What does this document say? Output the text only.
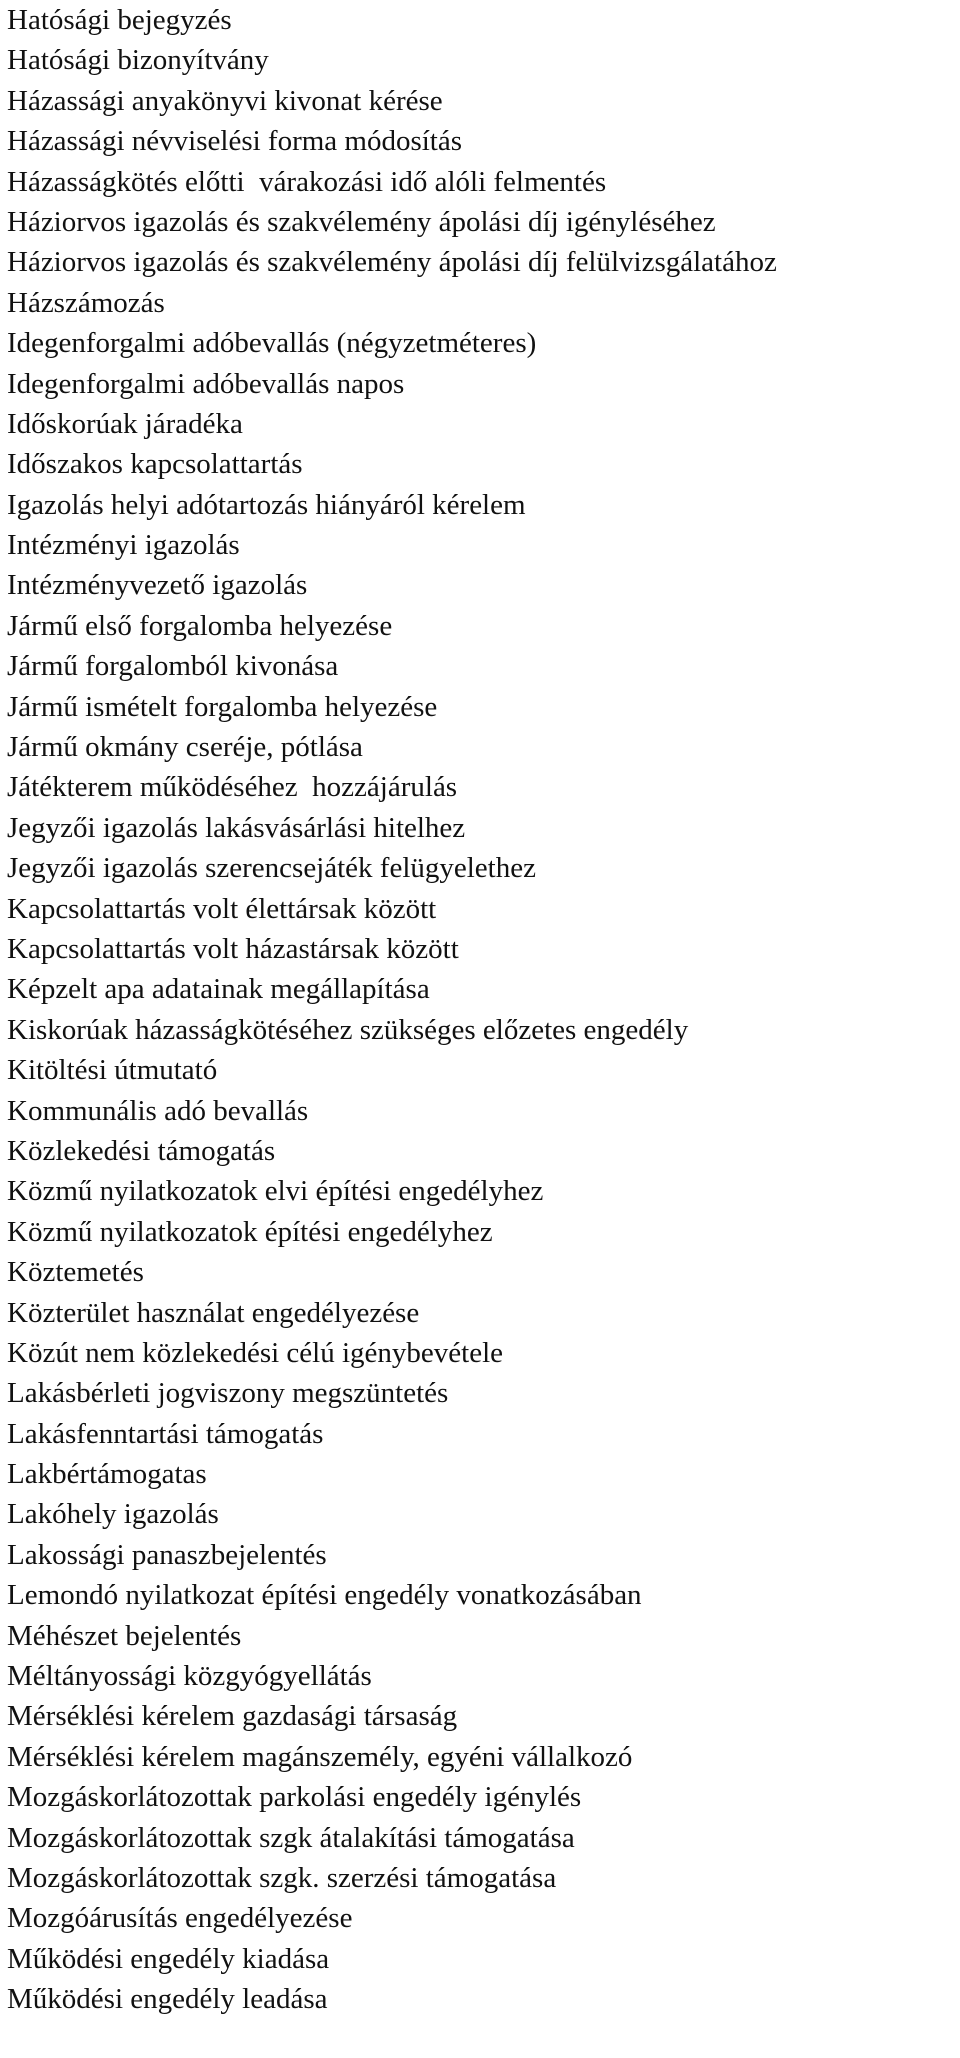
Hatósági bejegyzés
Hatósági bizonyítvány
Házassági anyakönyvi kivonat kérése
Házassági névviselési forma módosítás
Házasságkötés előtti  várakozási idő alóli felmentés
Háziorvos igazolás és szakvélemény ápolási díj igényléséhez
Háziorvos igazolás és szakvélemény ápolási díj felülvizsgálatához
Házszámozás
Idegenforgalmi adóbevallás (négyzetméteres)
Idegenforgalmi adóbevallás napos
Időskorúak járadéka
Időszakos kapcsolattartás
Igazolás helyi adótartozás hiányáról kérelem
Intézményi igazolás
Intézményvezető igazolás
Jármű első forgalomba helyezése
Jármű forgalomból kivonása
Jármű ismételt forgalomba helyezése
Jármű okmány cseréje, pótlása
Játékterem működéséhez  hozzájárulás
Jegyzői igazolás lakásvásárlási hitelhez
Jegyzői igazolás szerencsejáték felügyelethez
Kapcsolattartás volt élettársak között
Kapcsolattartás volt házastársak között
Képzelt apa adatainak megállapítása
Kiskorúak házasságkötéséhez szükséges előzetes engedély
Kitöltési útmutató
Kommunális adó bevallás
Közlekedési támogatás
Közmű nyilatkozatok elvi építési engedélyhez
Közmű nyilatkozatok építési engedélyhez
Köztemetés
Közterület használat engedélyezése
Közút nem közlekedési célú igénybevétele
Lakásbérleti jogviszony megszüntetés
Lakásfenntartási támogatás
Lakbértámogatas
Lakóhely igazolás
Lakossági panaszbejelentés
Lemondó nyilatkozat építési engedély vonatkozásában
Méhészet bejelentés
Méltányossági közgyógyellátás
Mérséklési kérelem gazdasági társaság
Mérséklési kérelem magánszemély, egyéni vállalkozó
Mozgáskorlátozottak parkolási engedély igénylés
Mozgáskorlátozottak szgk átalakítási támogatása
Mozgáskorlátozottak szgk. szerzési támogatása
Mozgóárusítás engedélyezése
Működési engedély kiadása
Működési engedély leadása
